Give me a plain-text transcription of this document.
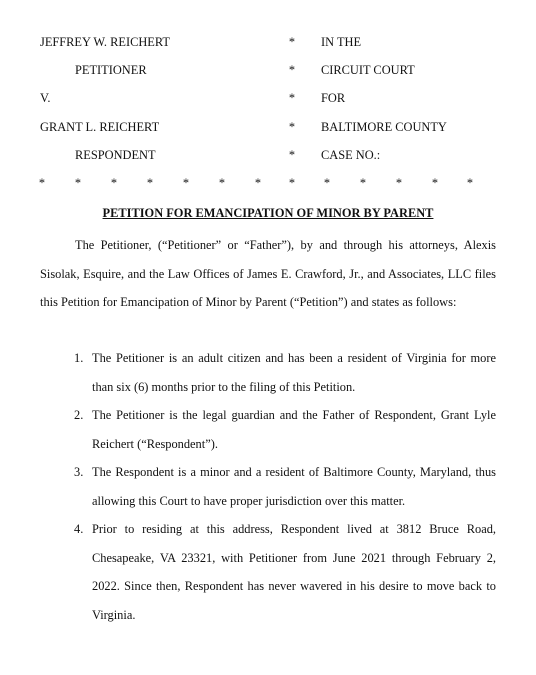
JEFFREY W. REICHERT	* IN THE
PETITIONER	* CIRCUIT COURT
V.	* FOR
GRANT L. REICHERT	* BALTIMORE COUNTY
RESPONDENT	* CASE NO.:
* * * * * * * * * * * * *
PETITION FOR EMANCIPATION OF MINOR BY PARENT

The Petitioner, (“Petitioner” or “Father”), by and through his attorneys, Alexis Sisolak, Esquire, and the Law Offices of James E. Crawford, Jr., and Associates, LLC files this Petition for Emancipation of Minor by Parent (“Petition”) and states as follows:

1. The Petitioner is an adult citizen and has been a resident of Virginia for more than six (6) months prior to the filing of this Petition.
2. The Petitioner is the legal guardian and the Father of Respondent, Grant Lyle Reichert (“Respondent”).
3. The Respondent is a minor and a resident of Baltimore County, Maryland, thus allowing this Court to have proper jurisdiction over this matter.
4. Prior to residing at this address, Respondent lived at 3812 Bruce Road, Chesapeake, VA 23321, with Petitioner from June 2021 through February 2, 2022. Since then, Respondent has never wavered in his desire to move back to Virginia.
